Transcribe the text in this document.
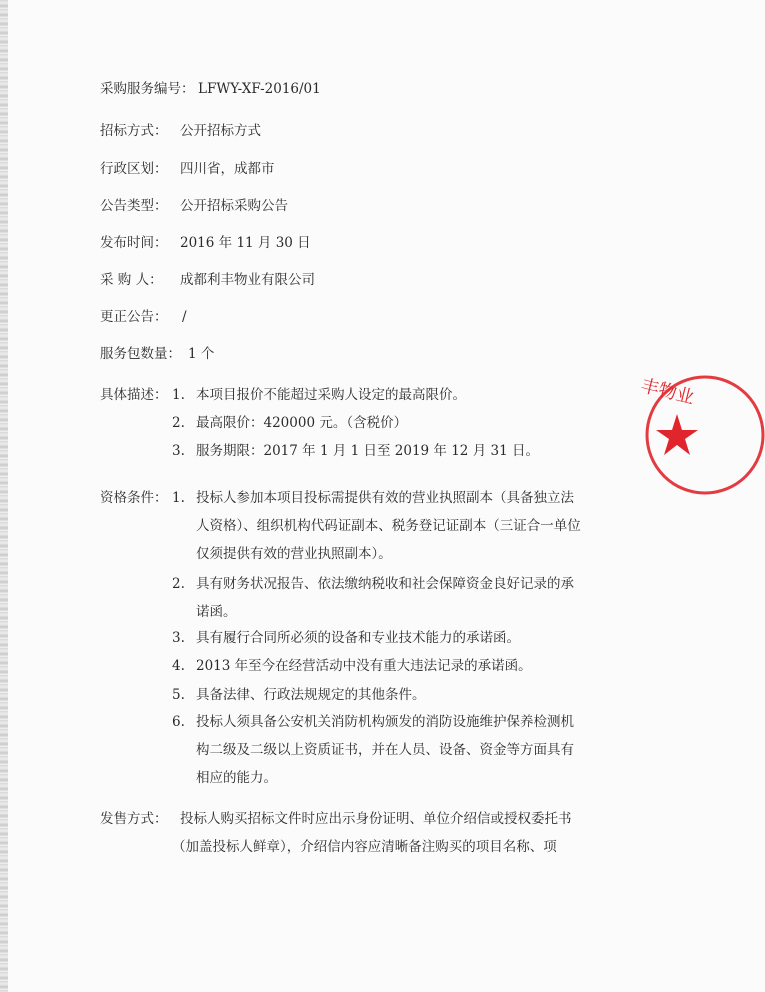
采购服务编号： LFWY-XF-2016/01
招标方式： 公开招标方式
行政区划： 四川省，成都市
公告类型： 公开招标采购公告
发布时间： 2016 年 11 月 30 日
采 购 人： 成都利丰物业有限公司
更正公告： /
服务包数量： 1 个
具体描述： 1. 本项目报价不能超过采购人设定的最高限价。
2. 最高限价：420000 元。（含税价）
3. 服务期限：2017 年 1 月 1 日至 2019 年 12 月 31 日。
资格条件： 1. 投标人参加本项目投标需提供有效的营业执照副本（具备独立法
人资格）、组织机构代码证副本、税务登记证副本（三证合一单位
仅须提供有效的营业执照副本）。
2. 具有财务状况报告、依法缴纳税收和社会保障资金良好记录的承
诺函。
3. 具有履行合同所必须的设备和专业技术能力的承诺函。
4. 2013 年至今在经营活动中没有重大违法记录的承诺函。
5. 具备法律、行政法规规定的其他条件。
6. 投标人须具备公安机关消防机构颁发的消防设施维护保养检测机
构二级及二级以上资质证书，并在人员、设备、资金等方面具有
相应的能力。
发售方式： 投标人购买招标文件时应出示身份证明、单位介绍信或授权委托书
（加盖投标人鲜章），介绍信内容应清晰备注购买的项目名称、项
丰物业
